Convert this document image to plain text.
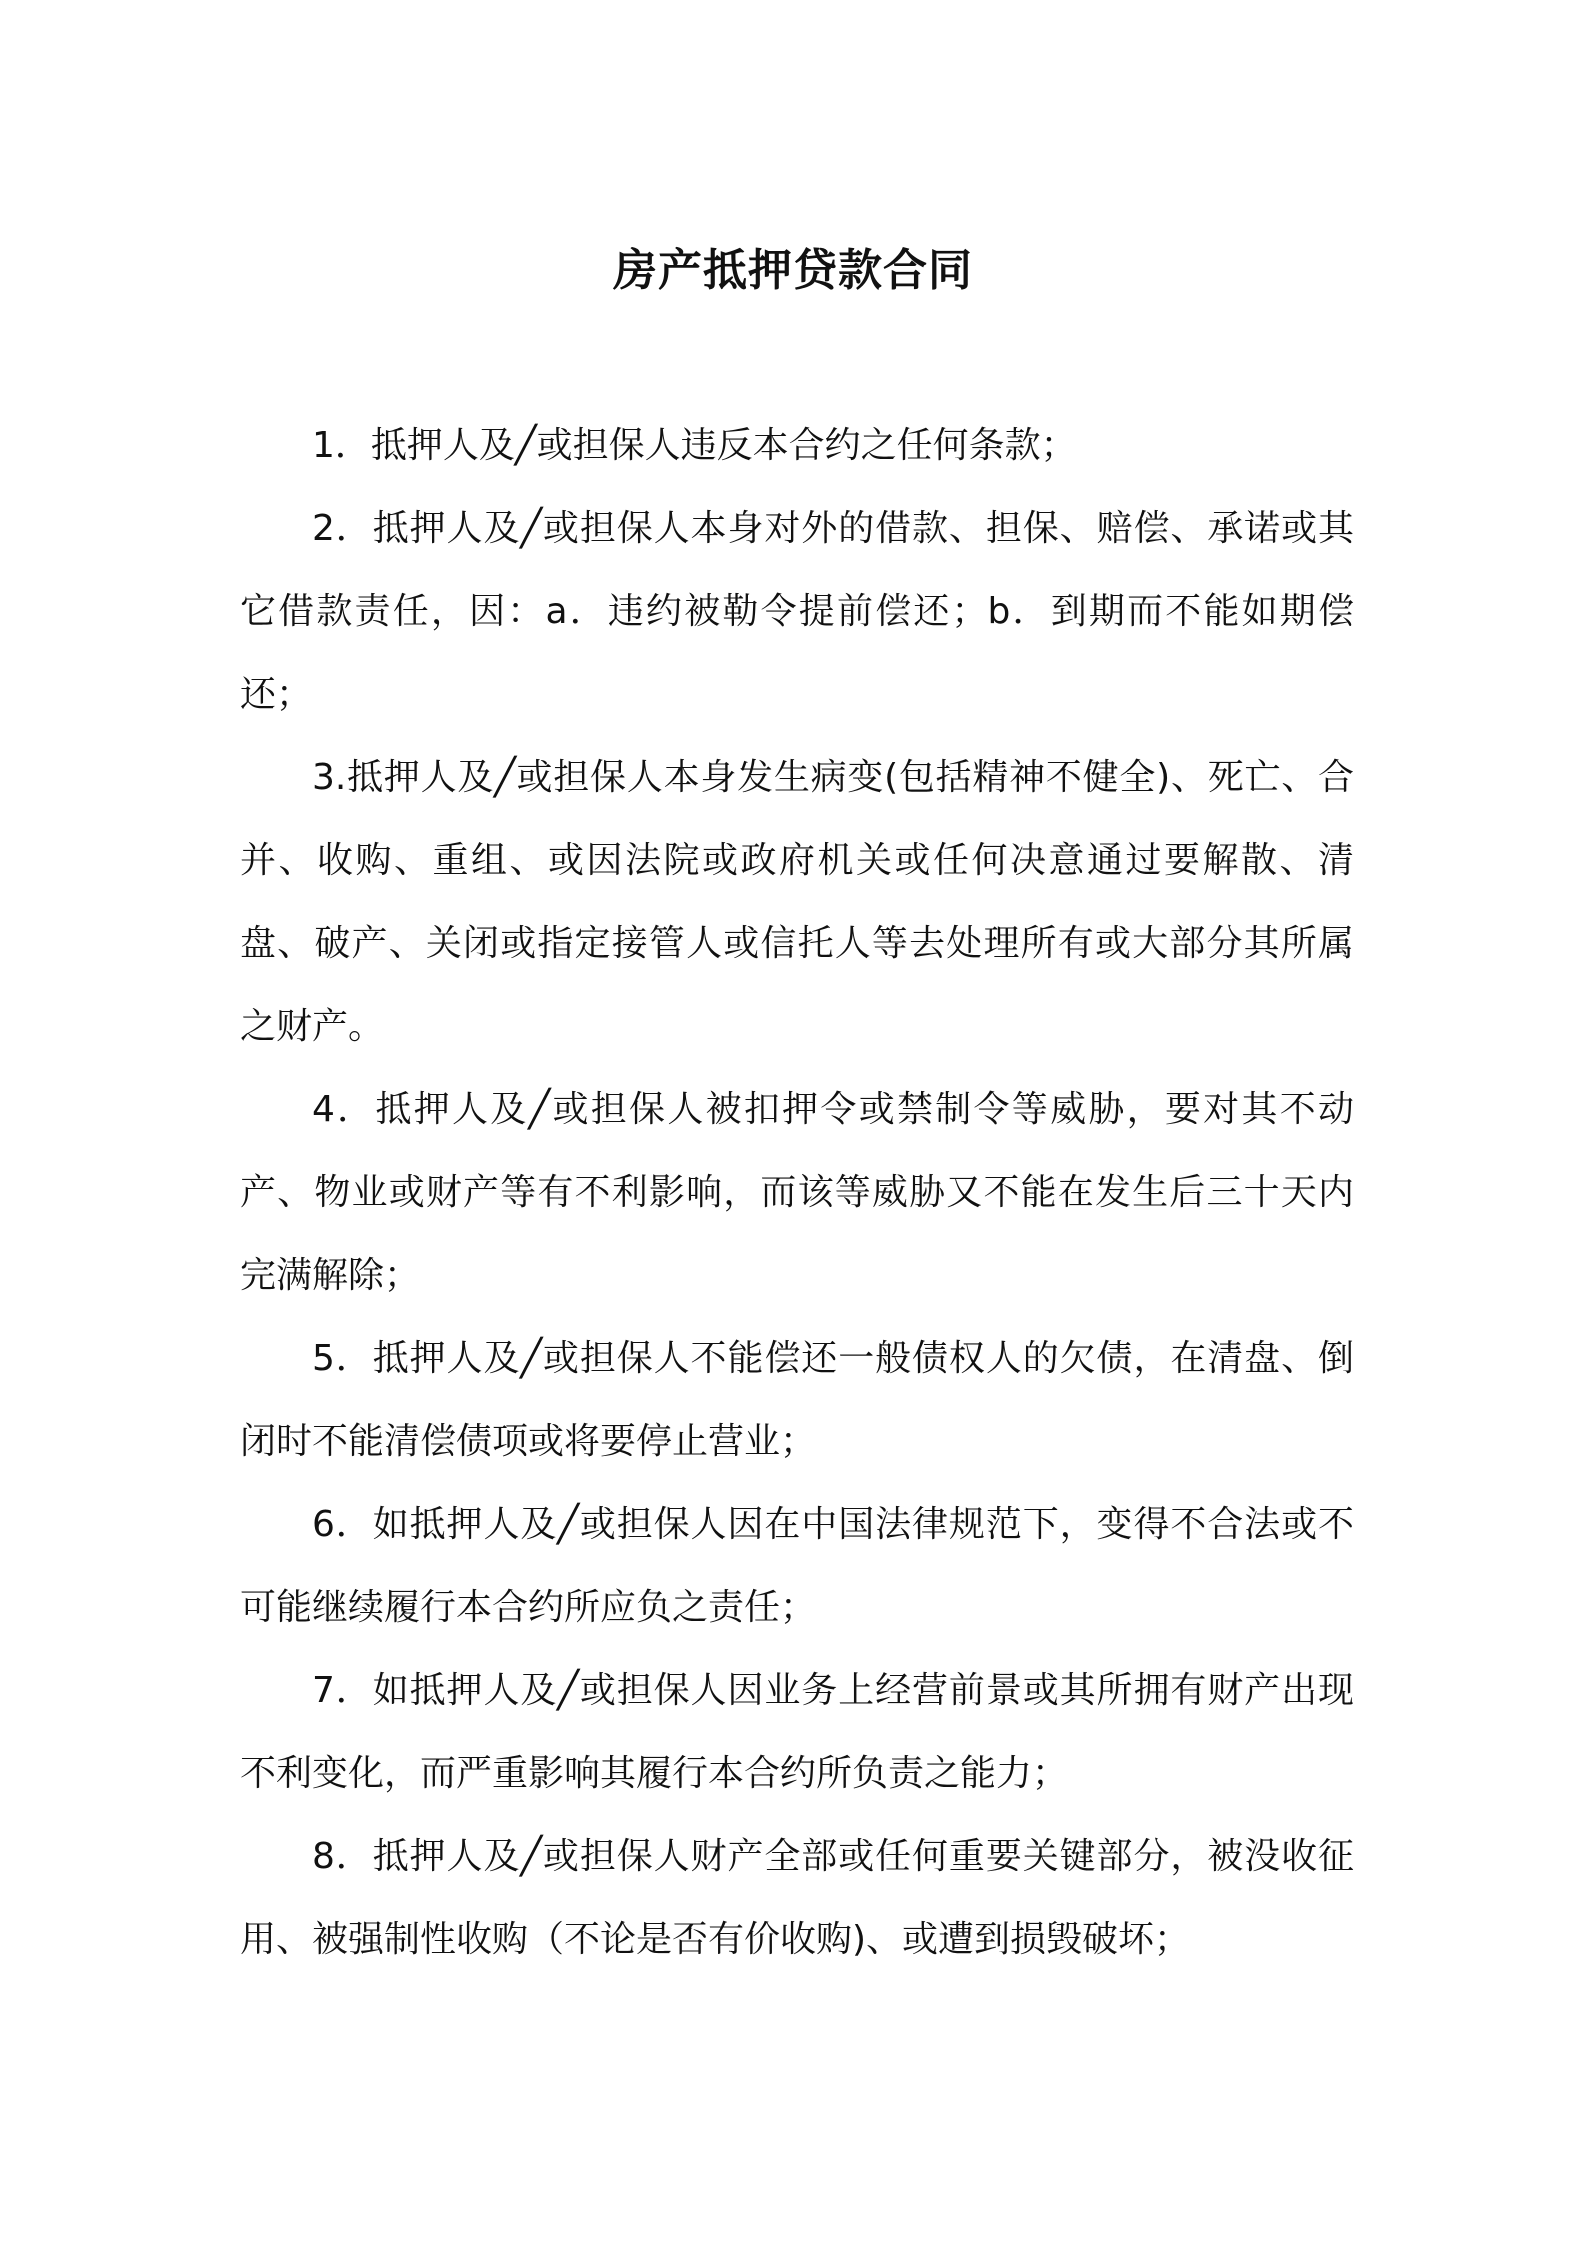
房产抵押贷款合同

1．抵押人及╱或担保人违反本合约之任何条款；

2．抵押人及╱或担保人本身对外的借款、担保、赔偿、承诺或其它借款责任，因：a．违约被勒令提前偿还；b．到期而不能如期偿还；

3.抵押人及╱或担保人本身发生病变(包括精神不健全)、死亡、合并、收购、重组、或因法院或政府机关或任何决意通过要解散、清盘、破产、关闭或指定接管人或信托人等去处理所有或大部分其所属之财产。

4．抵押人及╱或担保人被扣押令或禁制令等威胁，要对其不动产、物业或财产等有不利影响，而该等威胁又不能在发生后三十天内完满解除；

5．抵押人及╱或担保人不能偿还一般债权人的欠债，在清盘、倒闭时不能清偿债项或将要停止营业；

6．如抵押人及╱或担保人因在中国法律规范下，变得不合法或不可能继续履行本合约所应负之责任；

7．如抵押人及╱或担保人因业务上经营前景或其所拥有财产出现不利变化，而严重影响其履行本合约所负责之能力；

8．抵押人及╱或担保人财产全部或任何重要关键部分，被没收征用、被强制性收购（不论是否有价收购)、或遭到损毁破坏；
